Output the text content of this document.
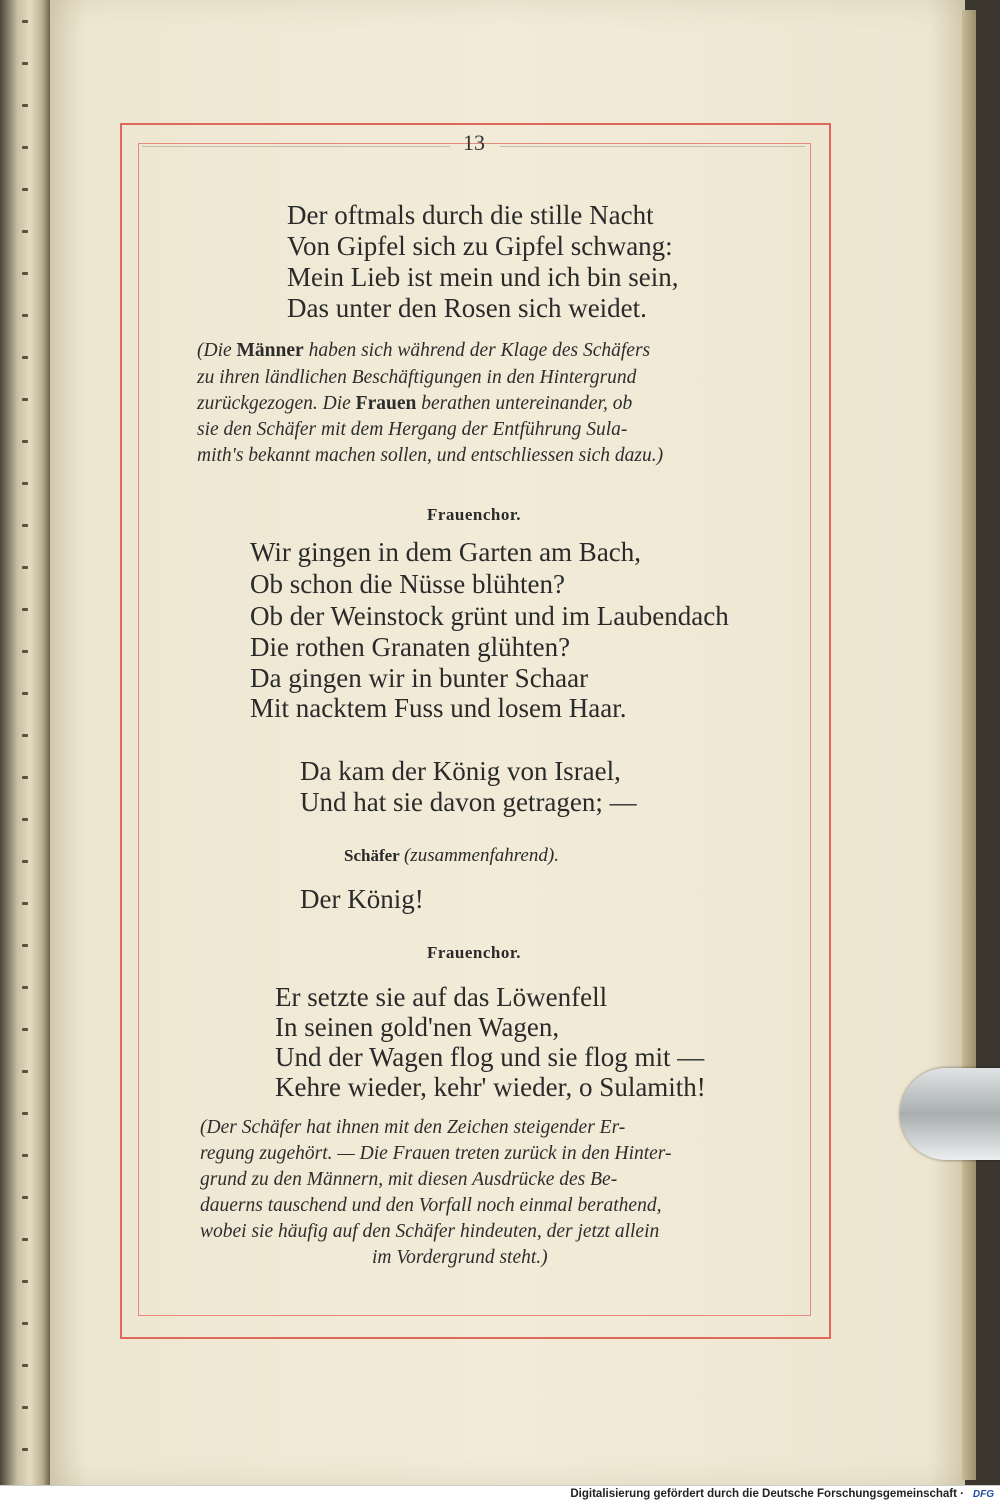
13
Der oftmals durch die stille Nacht
Von Gipfel sich zu Gipfel schwang:
Mein Lieb ist mein und ich bin sein,
Das unter den Rosen sich weidet.
(Die Männer haben sich während der Klage des Schäfers
zu ihren ländlichen Beschäftigungen in den Hintergrund
zurückgezogen. Die Frauen berathen untereinander, ob
sie den Schäfer mit dem Hergang der Entführung Sula-
mith's bekannt machen sollen, und entschliessen sich dazu.)
Frauenchor.
Wir gingen in dem Garten am Bach,
Ob schon die Nüsse blühten?
Ob der Weinstock grünt und im Laubendach
Die rothen Granaten glühten?
Da gingen wir in bunter Schaar
Mit nacktem Fuss und losem Haar.
Da kam der König von Israel,
Und hat sie davon getragen; —
Schäfer (zusammenfahrend).
Der König!
Frauenchor.
Er setzte sie auf das Löwenfell
In seinen gold'nen Wagen,
Und der Wagen flog und sie flog mit —
Kehre wieder, kehr' wieder, o Sulamith!
(Der Schäfer hat ihnen mit den Zeichen steigender Er-
regung zugehört. — Die Frauen treten zurück in den Hinter-
grund zu den Männern, mit diesen Ausdrücke des Be-
dauerns tauschend und den Vorfall noch einmal berathend,
wobei sie häufig auf den Schäfer hindeuten, der jetzt allein
im Vordergrund steht.)
Digitalisierung gefördert durch die Deutsche Forschungsgemeinschaft · DFG
